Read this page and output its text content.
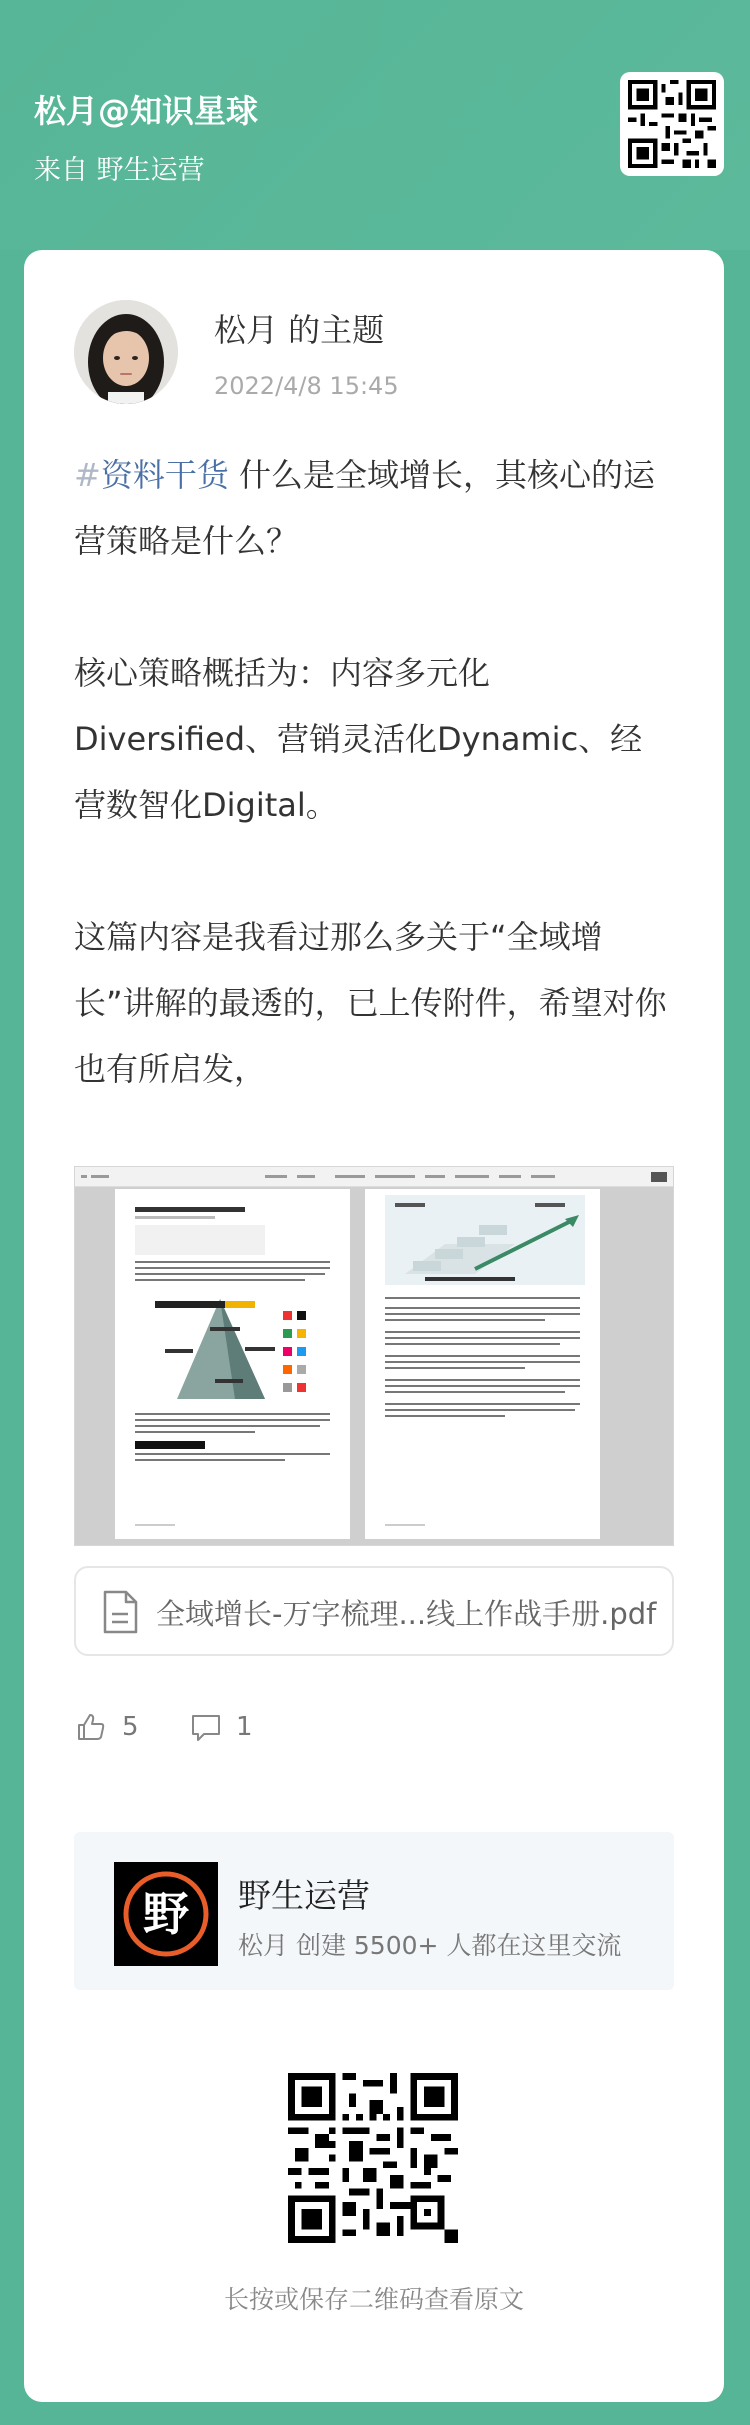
松月@知识星球
来自 野生运营
松月 的主题
2022/4/8 15:45

#资料干货 什么是全域增长，其核心的运营策略是什么？

核心策略概括为：内容多元化Diversified、营销灵活化Dynamic、经营数智化Digital。

这篇内容是我看过那么多关于“全域增长”讲解的最透的，已上传附件，希望对你也有所启发，

全域增长-万字梳理...线上作战手册.pdf
5	1
野 野生运营
松月 创建 5500+ 人都在这里交流
长按或保存二维码查看原文
